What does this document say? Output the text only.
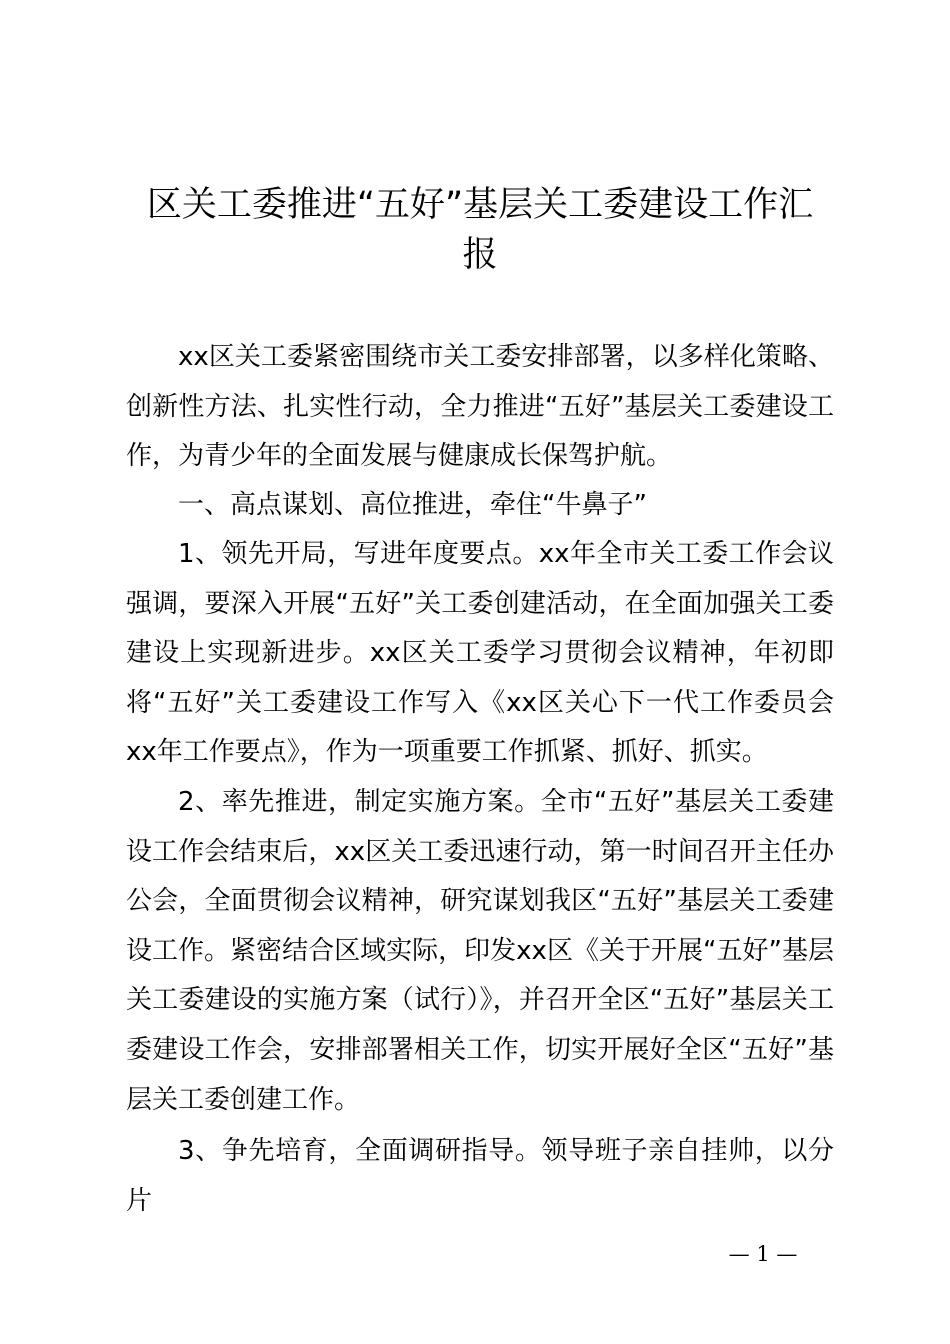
区关工委推进“五好”基层关工委建设工作汇
报

xx区关工委紧密围绕市关工委安排部署，以多样化策略、创新性方法、扎实性行动，全力推进“五好”基层关工委建设工作，为青少年的全面发展与健康成长保驾护航。

一、高点谋划、高位推进，牵住“牛鼻子”

1、领先开局，写进年度要点。xx年全市关工委工作会议强调，要深入开展“五好”关工委创建活动，在全面加强关工委建设上实现新进步。xx区关工委学习贯彻会议精神，年初即将“五好”关工委建设工作写入《xx区关心下一代工作委员会xx年工作要点》，作为一项重要工作抓紧、抓好、抓实。

2、率先推进，制定实施方案。全市“五好”基层关工委建设工作会结束后，xx区关工委迅速行动，第一时间召开主任办公会，全面贯彻会议精神，研究谋划我区“五好”基层关工委建设工作。紧密结合区域实际，印发xx区《关于开展“五好”基层关工委建设的实施方案（试行）》，并召开全区“五好”基层关工委建设工作会，安排部署相关工作，切实开展好全区“五好”基层关工委创建工作。

3、争先培育，全面调研指导。领导班子亲自挂帅，以分片

— 1 —
